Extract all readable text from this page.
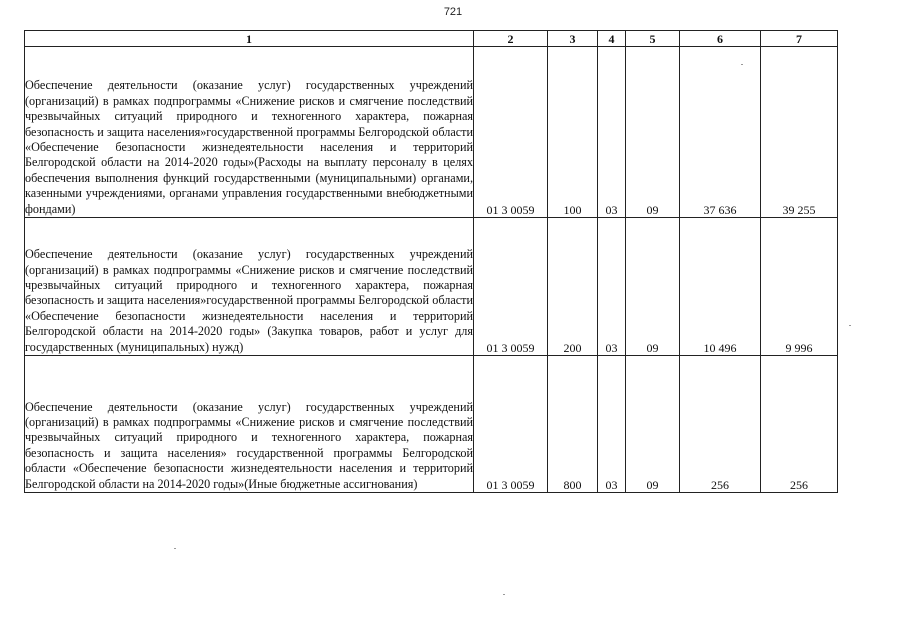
721
1	2	3	4	5	6	7
Обеспечение деятельности (оказание услуг) государственных учреждений (организаций) в рамках подпрограммы «Снижение рисков и смягчение последствий чрезвычайных ситуаций природного и техногенного характера, пожарная безопасность и защита населения»государственной программы Белгородской области «Обеспечение безопасности жизнедеятельности населения и территорий Белгородской области на 2014-2020 годы»(Расходы на выплату персоналу в целях обеспечения выполнения функций государственными (муниципальными) органами, казенными учреждениями, органами управления государственными внебюджетными фондами)	01 3 0059	100	03	09	37 636	39 255
Обеспечение деятельности (оказание услуг) государственных учреждений (организаций) в рамках подпрограммы «Снижение рисков и смягчение последствий чрезвычайных ситуаций природного и техногенного характера, пожарная безопасность и защита населения»государственной программы Белгородской области «Обеспечение безопасности жизнедеятельности населения и территорий Белгородской области на 2014-2020 годы» (Закупка товаров, работ и услуг для государственных (муниципальных) нужд)	01 3 0059	200	03	09	10 496	9 996
Обеспечение деятельности (оказание услуг) государственных учреждений (организаций) в рамках подпрограммы «Снижение рисков и смягчение последствий чрезвычайных ситуаций природного и техногенного характера, пожарная безопасность и защита населения» государственной программы Белгородской области «Обеспечение безопасности жизнедеятельности населения и территорий Белгородской области на 2014-2020 годы»(Иные бюджетные ассигнования)	01 3 0059	800	03	09	256	256
